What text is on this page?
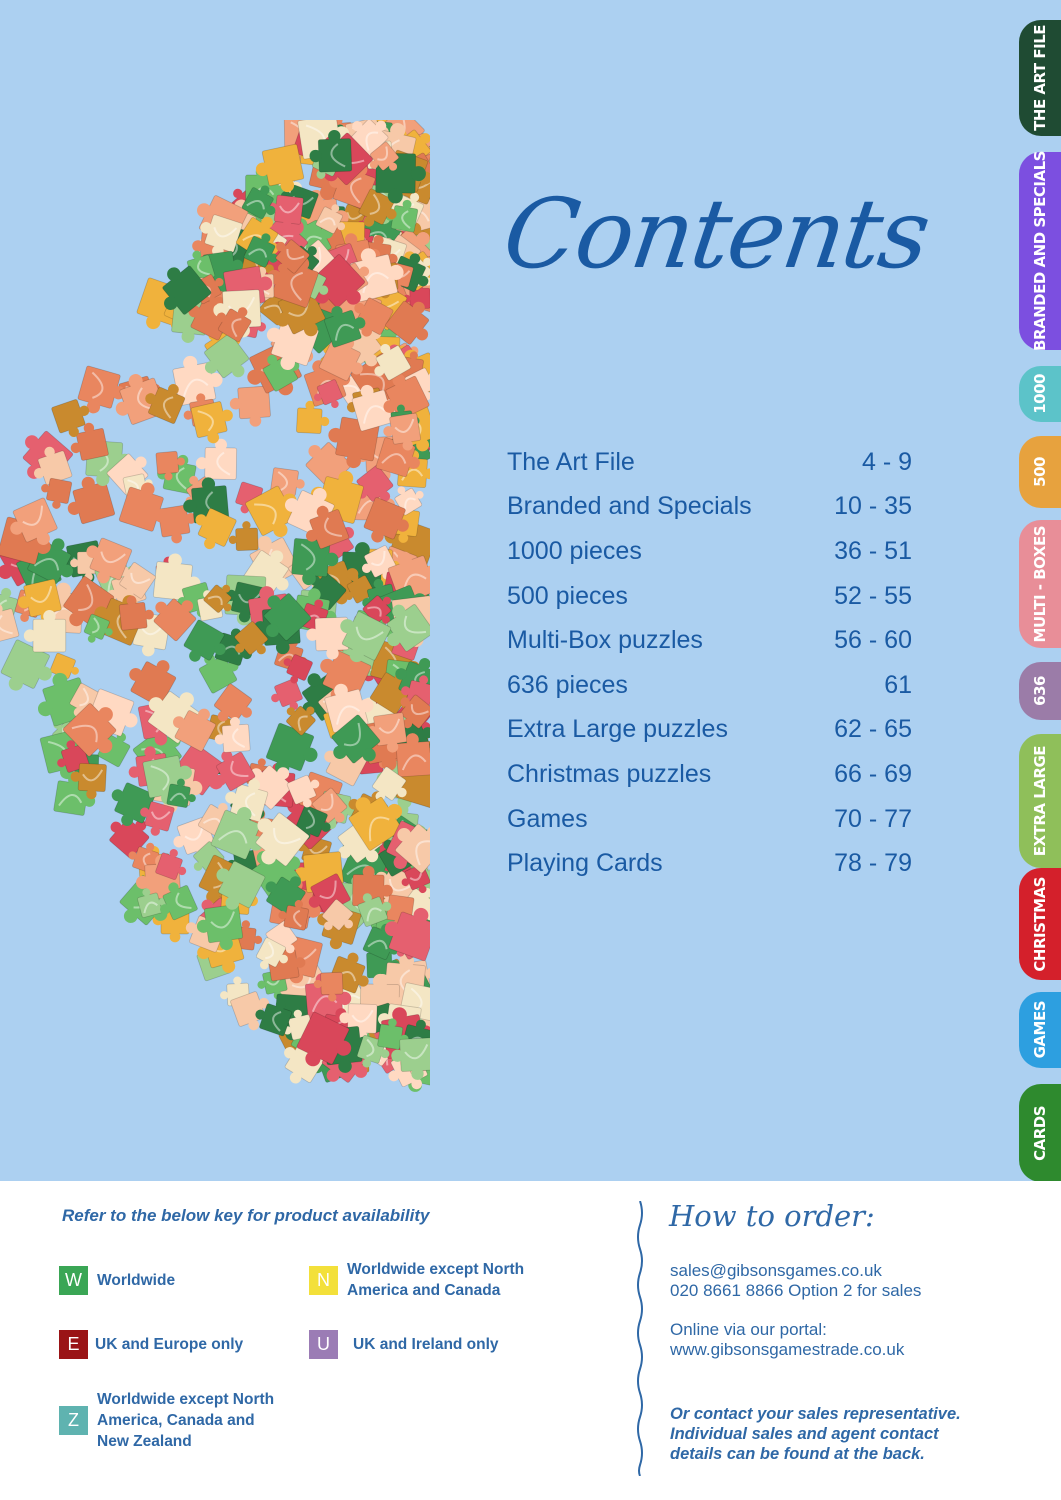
Contents
The Art File	4 - 9
Branded and Specials	10 - 35
1000 pieces	36 - 51
500 pieces	52 - 55
Multi-Box puzzles	56 - 60
636 pieces	61
Extra Large puzzles	62 - 65
Christmas puzzles	66 - 69
Games	70 - 77
Playing Cards	78 - 79
THE ART FILE
BRANDED AND SPECIALS
1000
500
MULTI - BOXES
636
EXTRA LARGE
CHRISTMAS
GAMES
CARDS
Refer to the below key for product availability
W Worldwide	N	Worldwide except North America and Canada
E	UK and Europe only	U	UK and Ireland only
Z
Worldwide except North America, Canada and New Zealand
How to order:
sales@gibsonsgames.co.uk
020 8661 8866 Option 2 for sales
Online via our portal:
www.gibsonsgamestrade.co.uk
Or contact your sales representative. Individual sales and agent contact details can be found at the back.
